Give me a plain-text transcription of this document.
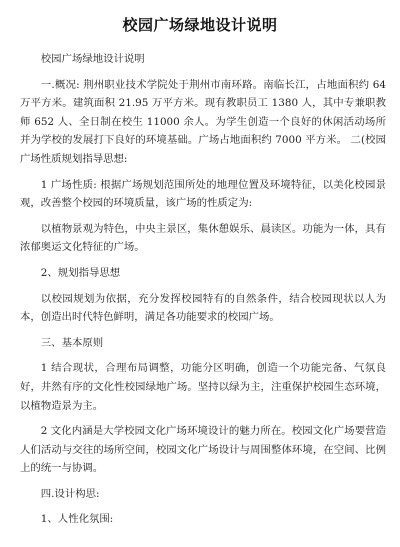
校园广场绿地设计说明

校园广场绿地设计说明

一.概况: 荆州职业技术学院处于荆州市南环路。南临长江，占地面积约 64 万平方米。建筑面积 21.95 万平方米。现有教职员工 1380 人，其中专兼职教师 652 人、全日制在校生 11000 余人。为学生创造一个良好的休闲活动场所并为学校的发展打下良好的环境基础。广场占地面积约 7000 平方米。 二(校园广场性质规划指导思想:

1 广场性质: 根据广场规划范围所处的地理位置及环境特征，以美化校园景观，改善整个校园的环境质量，该广场的性质定为:

以植物景观为特色，中央主景区，集休憩娱乐、晨读区。功能为一体，具有浓郁奥运文化特征的广场。

2、规划指导思想

以校园规划为依据，充分发挥校园特有的自然条件，结合校园现状以人为本，创造出时代特色鲜明，满足各功能要求的校园广场。

三、基本原则

1 结合现状，合理布局调整，功能分区明确，创造一个功能完备、气氛良好，井然有序的文化性校园绿地广场。坚持以绿为主，注重保护校园生态环境，以植物造景为主。

2 文化内涵是大学校园文化广场环境设计的魅力所在。校园文化广场要营造人们活动与交往的场所空间，校园文化广场设计与周围整体环境，在空间、比例上的统一与协调。

四.设计构思:

1、人性化氛围:
